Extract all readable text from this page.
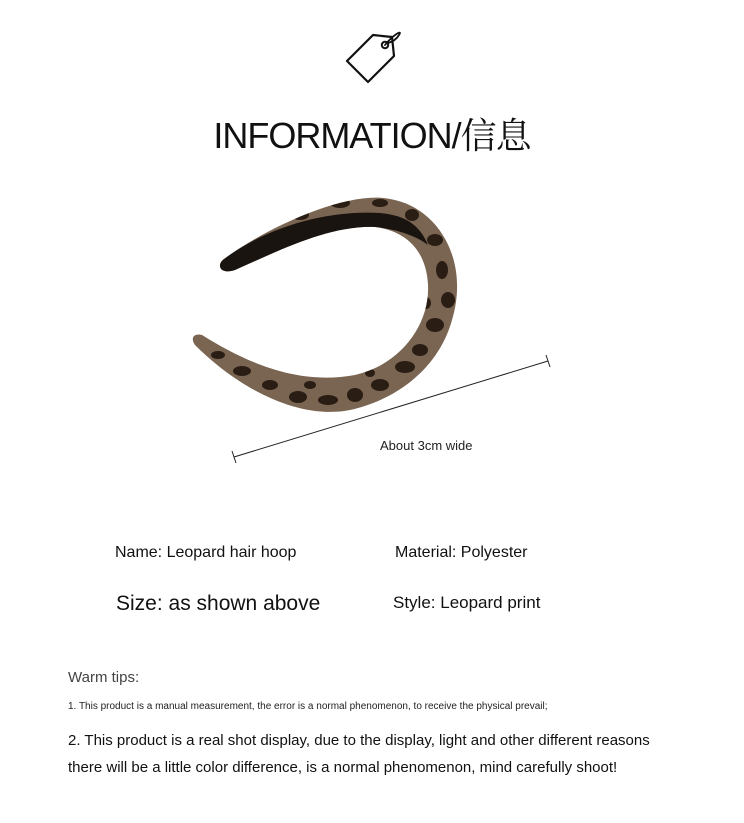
INFORMATION/信息
About 3cm wide
Name: Leopard hair hoop	Material: Polyester
Size: as shown above	Style: Leopard print
Warm tips:
1. This product is a manual measurement, the error is a normal phenomenon, to receive the physical prevail;
2. This product is a real shot display, due to the display, light and other different reasons there will be a little color difference, is a normal phenomenon, mind carefully shoot!
